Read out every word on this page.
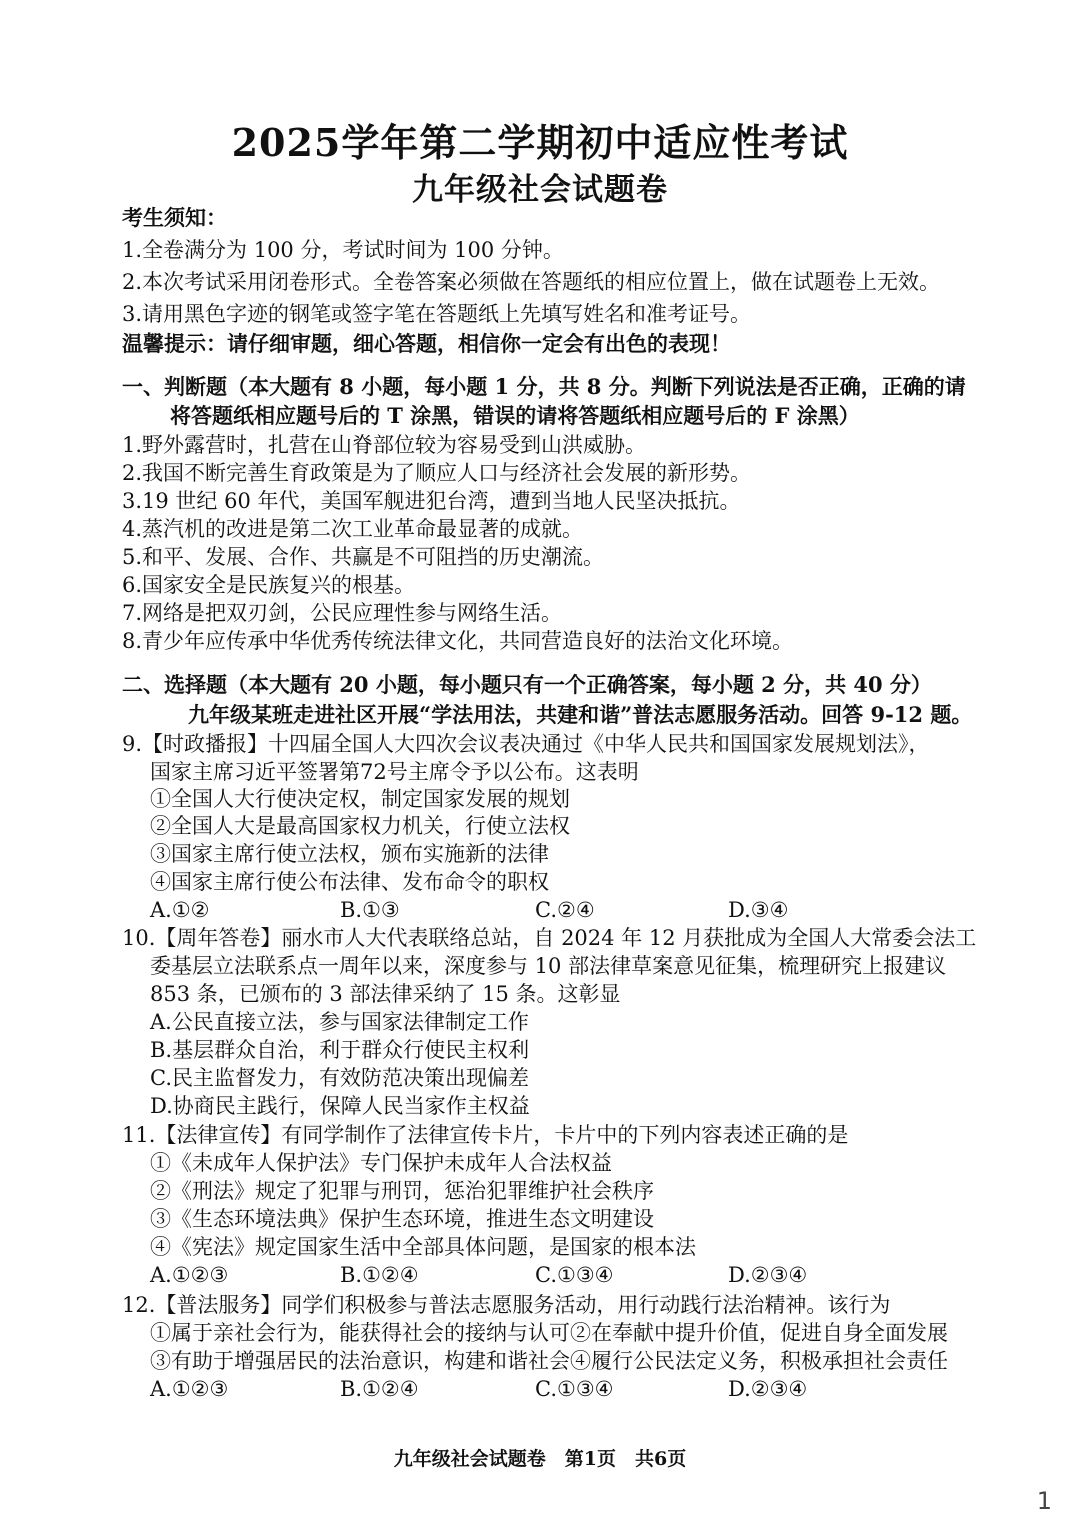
2025学年第二学期初中适应性考试
九年级社会试题卷
考生须知：
1.全卷满分为 100 分，考试时间为 100 分钟。
2.本次考试采用闭卷形式。全卷答案必须做在答题纸的相应位置上，做在试题卷上无效。
3.请用黑色字迹的钢笔或签字笔在答题纸上先填写姓名和准考证号。
温馨提示：请仔细审题，细心答题，相信你一定会有出色的表现！
一、判断题（本大题有 8 小题，每小题 1 分，共 8 分。判断下列说法是否正确，正确的请
将答题纸相应题号后的 T 涂黑，错误的请将答题纸相应题号后的 F 涂黑）
1.野外露营时，扎营在山脊部位较为容易受到山洪威胁。
2.我国不断完善生育政策是为了顺应人口与经济社会发展的新形势。
3.19 世纪 60 年代，美国军舰进犯台湾，遭到当地人民坚决抵抗。
4.蒸汽机的改进是第二次工业革命最显著的成就。
5.和平、发展、合作、共赢是不可阻挡的历史潮流。
6.国家安全是民族复兴的根基。
7.网络是把双刃剑，公民应理性参与网络生活。
8.青少年应传承中华优秀传统法律文化，共同营造良好的法治文化环境。
二、选择题（本大题有 20 小题，每小题只有一个正确答案，每小题 2 分，共 40 分）
九年级某班走进社区开展“学法用法，共建和谐”普法志愿服务活动。回答 9-12 题。
9.【时政播报】十四届全国人大四次会议表决通过《中华人民共和国国家发展规划法》，
国家主席习近平签署第72号主席令予以公布。这表明
①全国人大行使决定权，制定国家发展的规划
②全国人大是最高国家权力机关，行使立法权
③国家主席行使立法权，颁布实施新的法律
④国家主席行使公布法律、发布命令的职权
A.①②	B.①③	C.②④	D.③④
10.【周年答卷】丽水市人大代表联络总站，自 2024 年 12 月获批成为全国人大常委会法工
委基层立法联系点一周年以来，深度参与 10 部法律草案意见征集，梳理研究上报建议
853 条，已颁布的 3 部法律采纳了 15 条。这彰显
A.公民直接立法，参与国家法律制定工作
B.基层群众自治，利于群众行使民主权利
C.民主监督发力，有效防范决策出现偏差
D.协商民主践行，保障人民当家作主权益
11.【法律宣传】有同学制作了法律宣传卡片，卡片中的下列内容表述正确的是
①《未成年人保护法》专门保护未成年人合法权益
②《刑法》规定了犯罪与刑罚，惩治犯罪维护社会秩序
③《生态环境法典》保护生态环境，推进生态文明建设
④《宪法》规定国家生活中全部具体问题，是国家的根本法
A.①②③	B.①②④	C.①③④	D.②③④
12.【普法服务】同学们积极参与普法志愿服务活动，用行动践行法治精神。该行为
①属于亲社会行为，能获得社会的接纳与认可②在奉献中提升价值，促进自身全面发展
③有助于增强居民的法治意识，构建和谐社会④履行公民法定义务，积极承担社会责任
A.①②③	B.①②④	C.①③④	D.②③④
九年级社会试题卷　第1页　共6页
1
